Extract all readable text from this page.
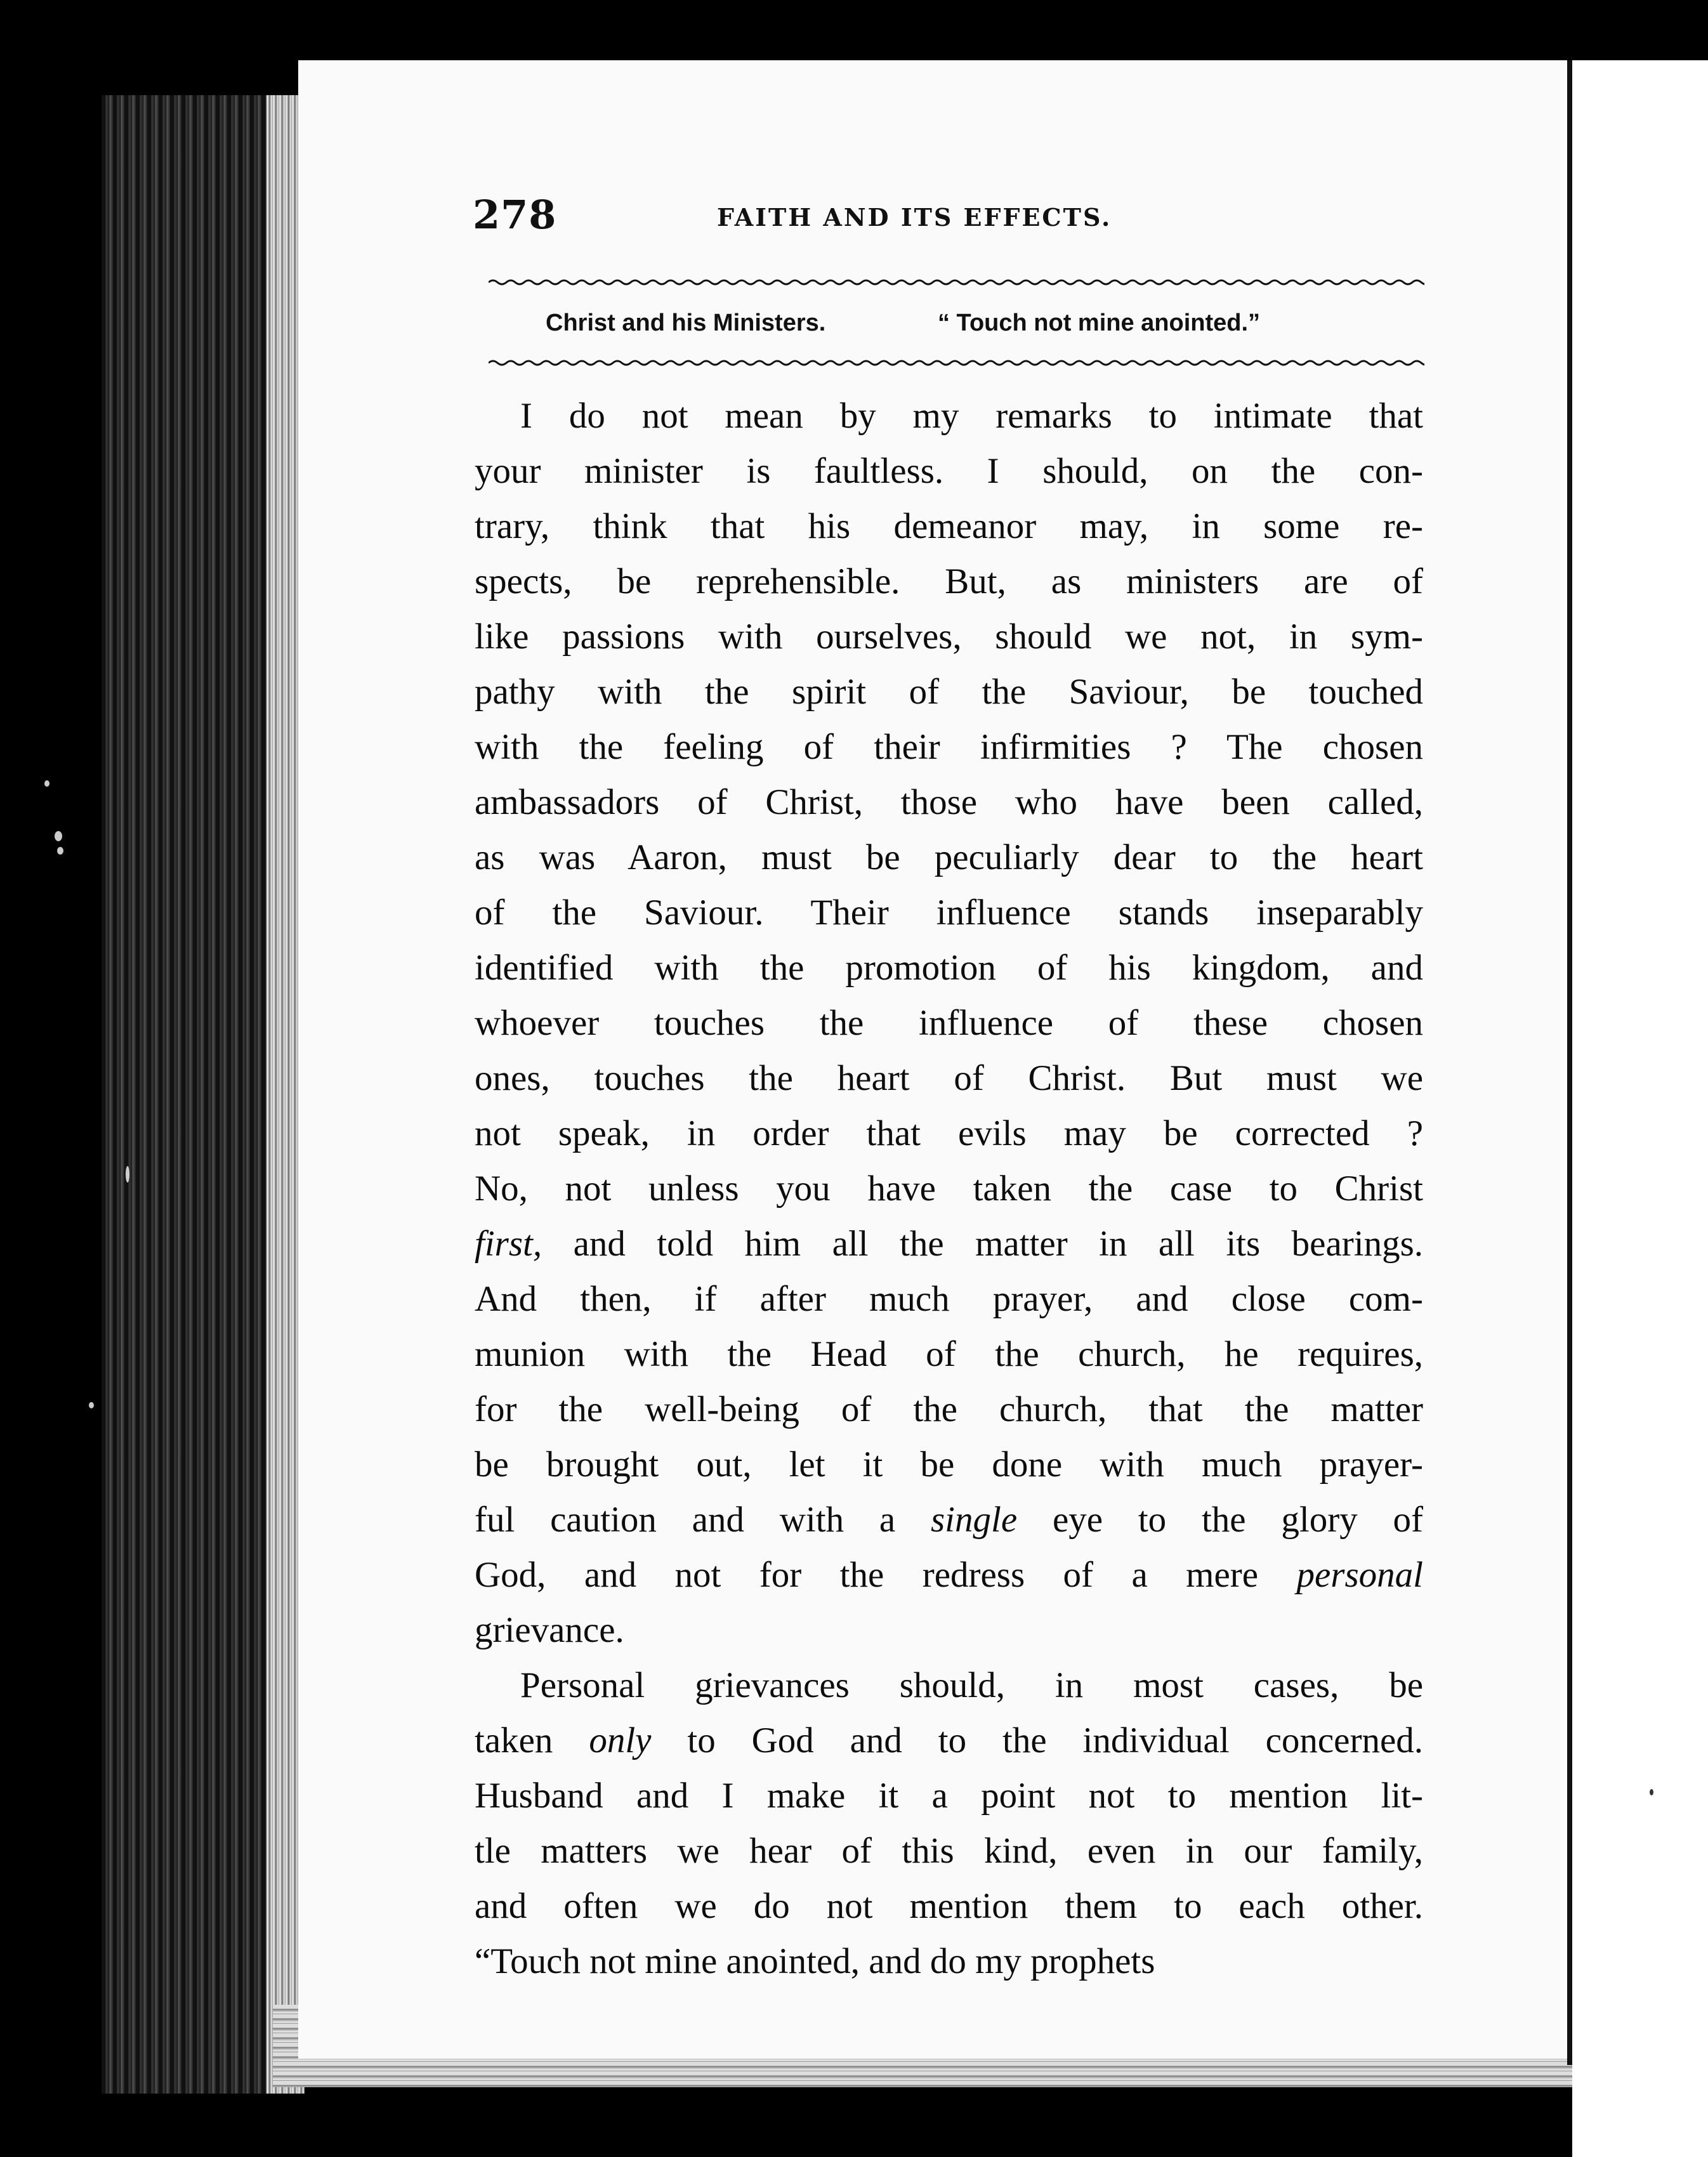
278	FAITH AND ITS EFFECTS.
Christ and his Ministers.	“ Touch not mine anointed.”
I do not mean by my remarks to intimate that
your minister is faultless. I should, on the con-
trary, think that his demeanor may, in some re-
spects, be reprehensible. But, as ministers are of
like passions with ourselves, should we not, in sym-
pathy with the spirit of the Saviour, be touched
with the feeling of their infirmities ? The chosen
ambassadors of Christ, those who have been called,
as was Aaron, must be peculiarly dear to the heart
of the Saviour. Their influence stands inseparably
identified with the promotion of his kingdom, and
whoever touches the influence of these chosen
ones, touches the heart of Christ. But must we
not speak, in order that evils may be corrected ?
No, not unless you have taken the case to Christ
first, and told him all the matter in all its bearings.
And then, if after much prayer, and close com-
munion with the Head of the church, he requires,
for the well-being of the church, that the matter
be brought out, let it be done with much prayer-
ful caution and with a single eye to the glory of
God, and not for the redress of a mere personal
grievance.
Personal grievances should, in most cases, be
taken only to God and to the individual concerned.
Husband and I make it a point not to mention lit-
tle matters we hear of this kind, even in our family,
and often we do not mention them to each other.
“Touch not mine anointed, and do my prophets
